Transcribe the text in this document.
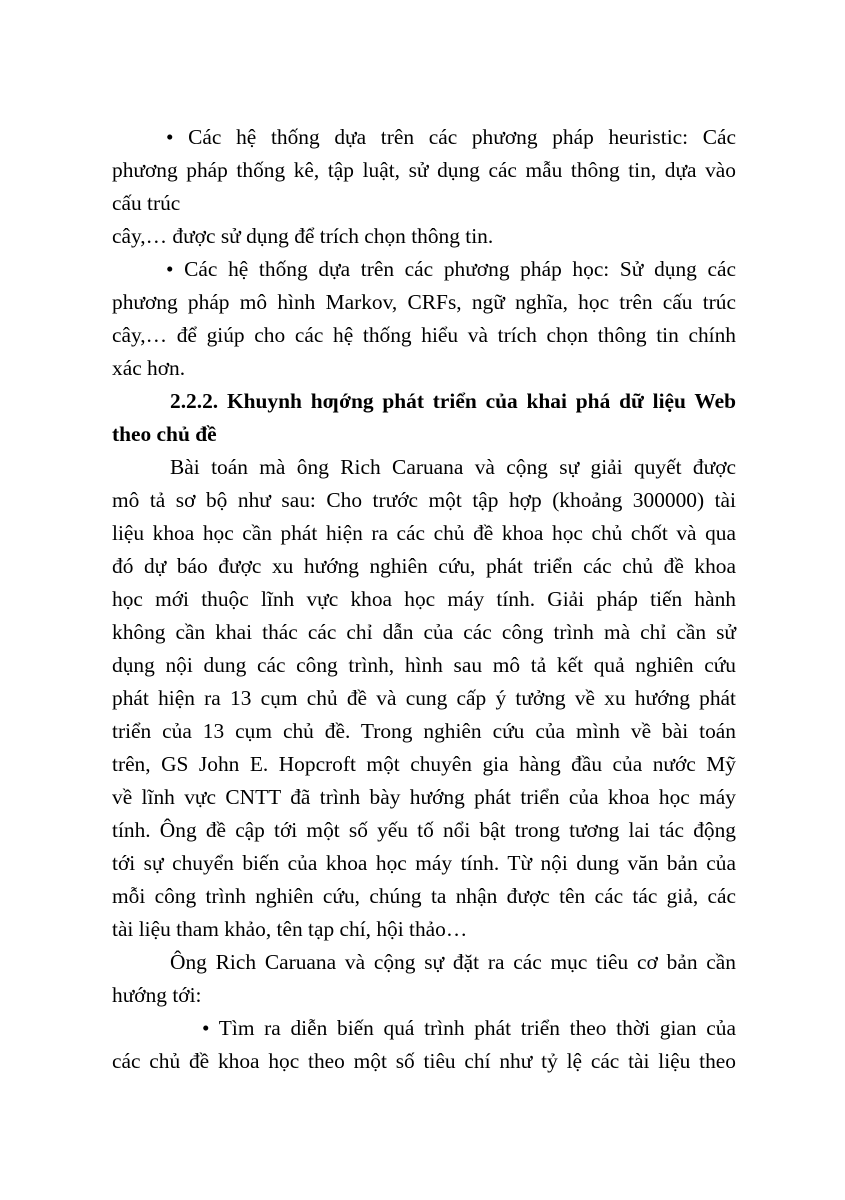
• Các hệ thống dựa trên các phương pháp heuristic: Các
phương pháp thống kê, tập luật, sử dụng các mẫu thông tin, dựa vào
cấu trúc
cây,… được sử dụng để trích chọn thông tin.
• Các hệ thống dựa trên các phương pháp học: Sử dụng các
phương pháp mô hình Markov, CRFs, ngữ nghĩa, học trên cấu trúc
cây,… để giúp cho các hệ thống hiểu và trích chọn thông tin chính
xác hơn.
2.2.2. Khuynh hƣớng phát triển của khai phá dữ liệu Web
theo chủ đề
Bài toán mà ông Rich Caruana và cộng sự giải quyết được
mô tả sơ bộ như sau: Cho trước một tập hợp (khoảng 300000) tài
liệu khoa học cần phát hiện ra các chủ đề khoa học chủ chốt và qua
đó dự báo được xu hướng nghiên cứu, phát triển các chủ đề khoa
học mới thuộc lĩnh vực khoa học máy tính. Giải pháp tiến hành
không cần khai thác các chỉ dẫn của các công trình mà chỉ cần sử
dụng nội dung các công trình, hình sau mô tả kết quả nghiên cứu
phát hiện ra 13 cụm chủ đề và cung cấp ý tưởng về xu hướng phát
triển của 13 cụm chủ đề. Trong nghiên cứu của mình về bài toán
trên, GS John E. Hopcroft một chuyên gia hàng đầu của nước Mỹ
về lĩnh vực CNTT đã trình bày hướng phát triển của khoa học máy
tính. Ông đề cập tới một số yếu tố nổi bật trong tương lai tác động
tới sự chuyển biến của khoa học máy tính. Từ nội dung văn bản của
mỗi công trình nghiên cứu, chúng ta nhận được tên các tác giả, các
tài liệu tham khảo, tên tạp chí, hội thảo…
Ông Rich Caruana và cộng sự đặt ra các mục tiêu cơ bản cần
hướng tới:
• Tìm ra diễn biến quá trình phát triển theo thời gian của
các chủ đề khoa học theo một số tiêu chí như tỷ lệ các tài liệu theo
